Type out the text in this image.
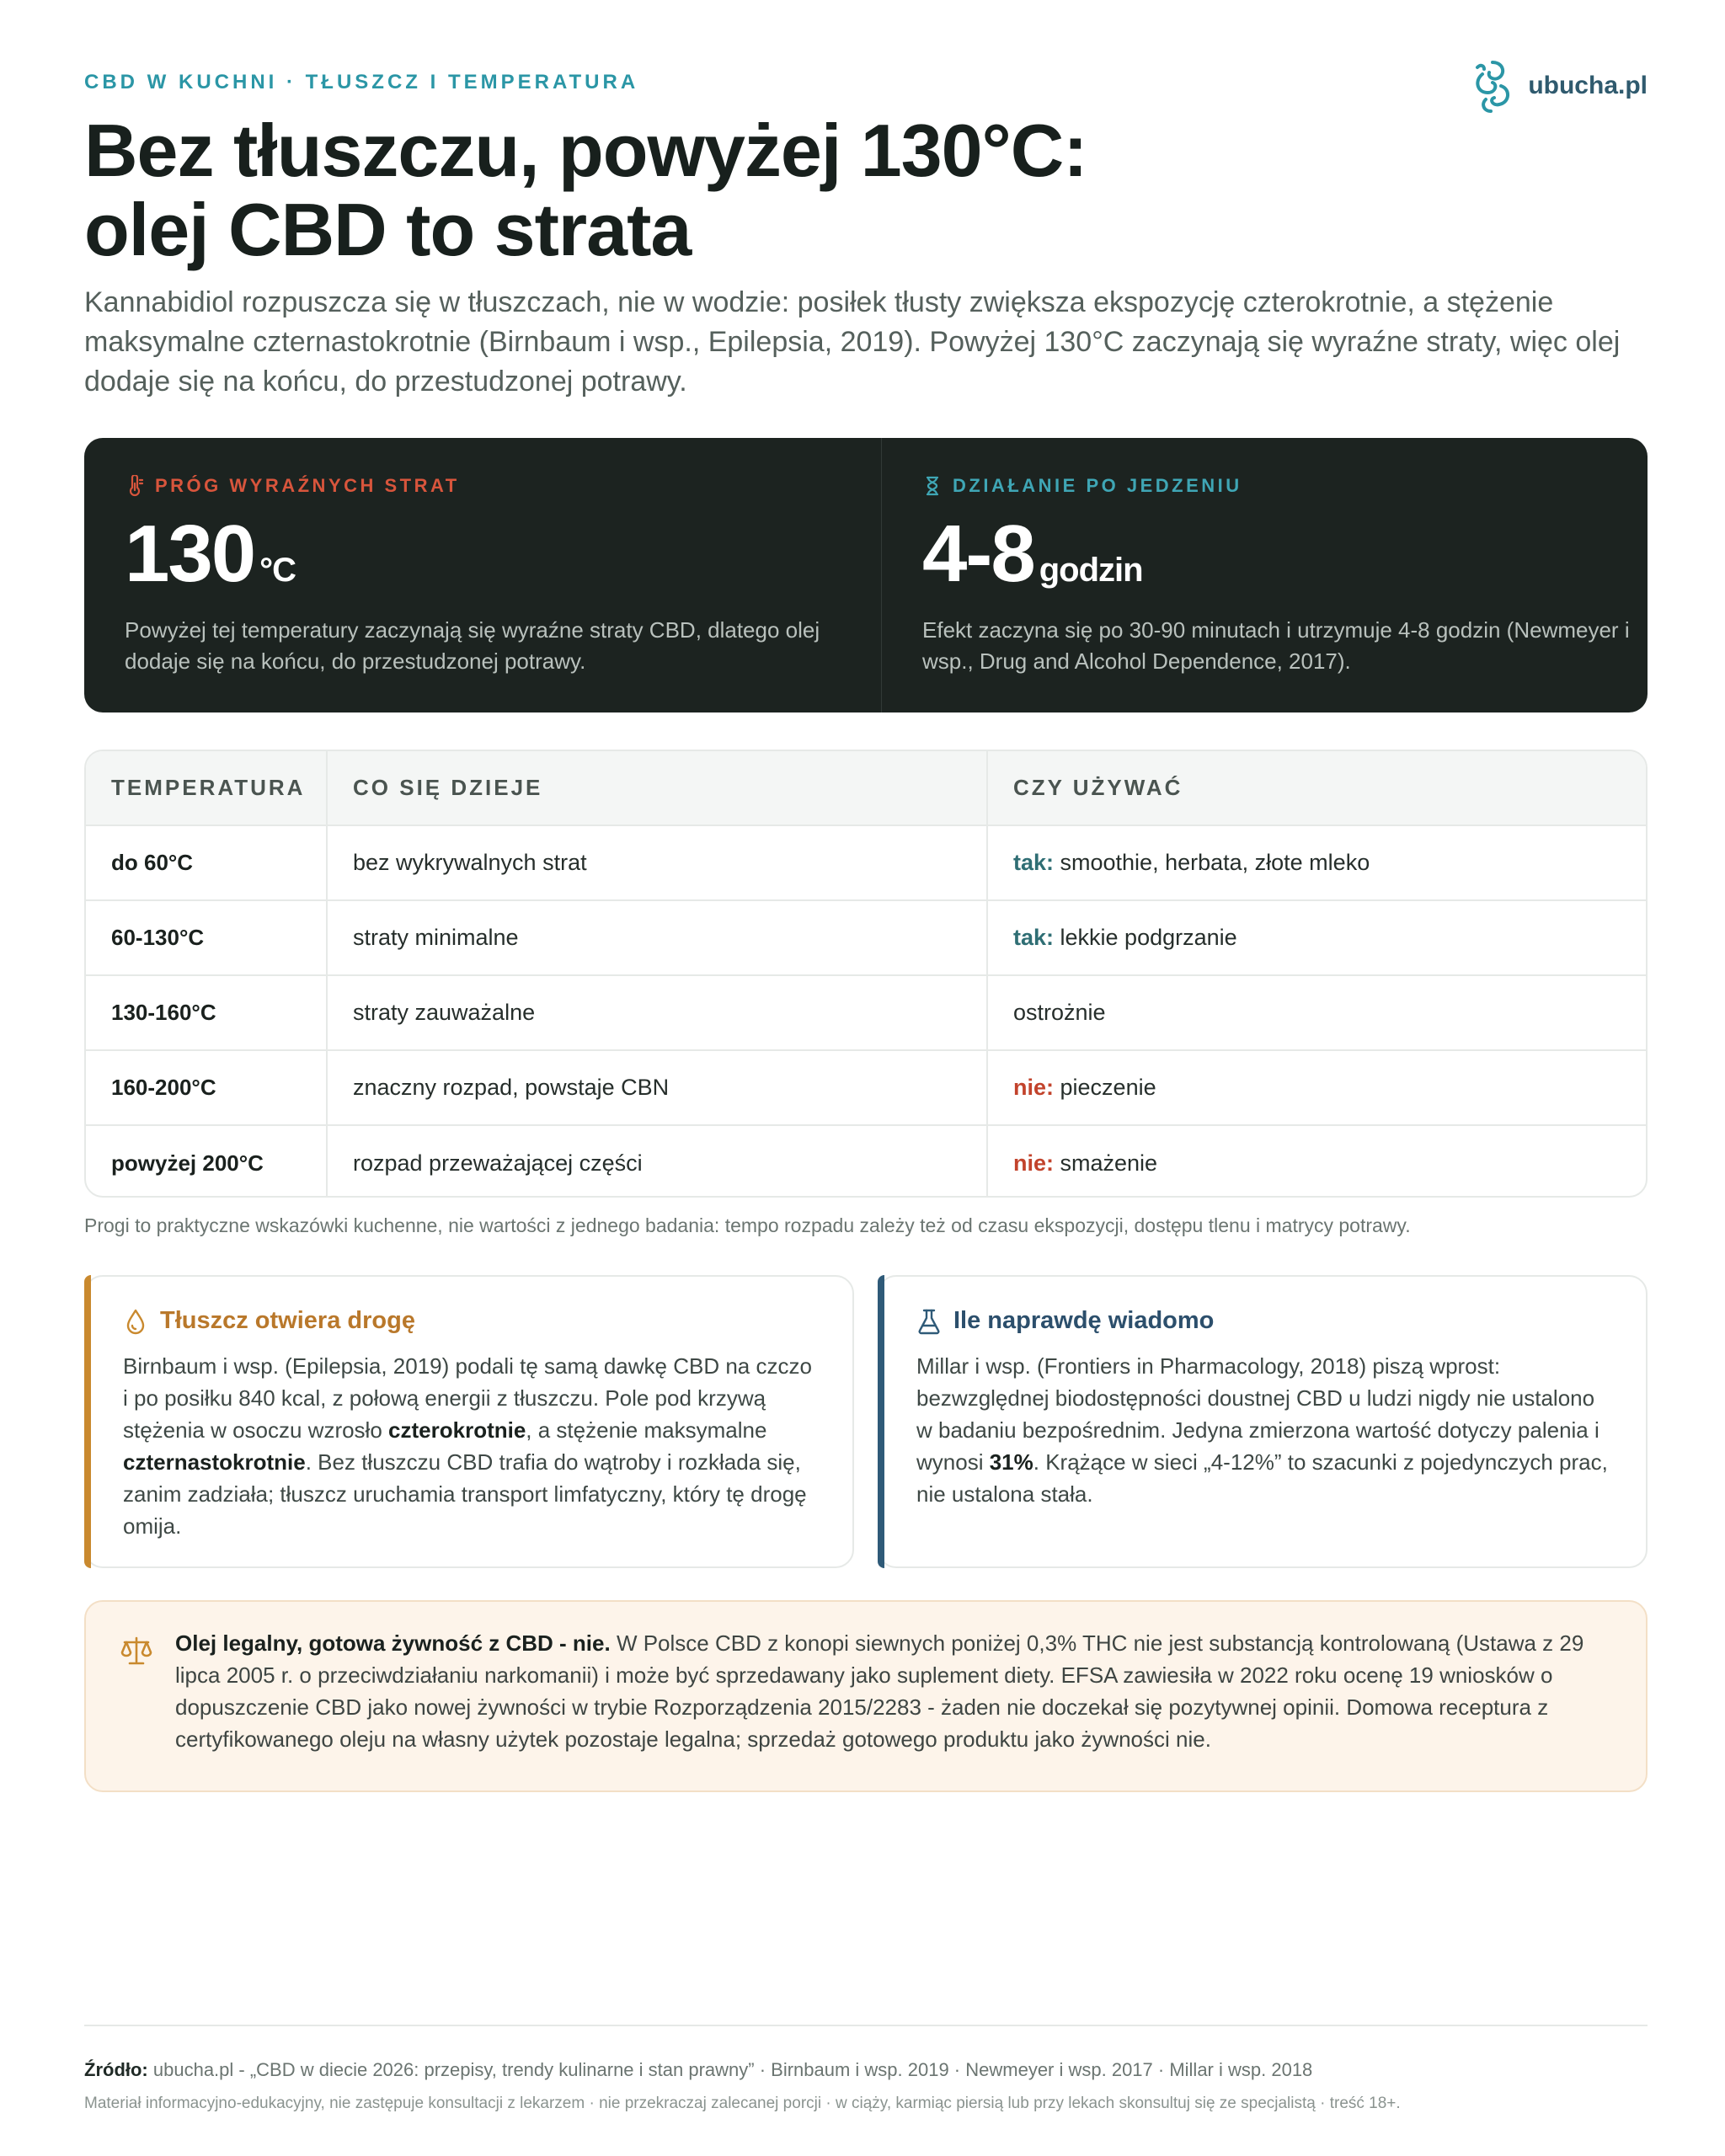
CBD W KUCHNI · TŁUSZCZ I TEMPERATURA	ubucha.pl
Bez tłuszczu, powyżej 130°C:
olej CBD to strata

Kannabidiol rozpuszcza się w tłuszczach, nie w wodzie: posiłek tłusty zwiększa ekspozycję czterokrotnie, a stężenie maksymalne czternastokrotnie (Birnbaum i wsp., Epilepsia, 2019). Powyżej 130°C zaczynają się wyraźne straty, więc olej dodaje się na końcu, do przestudzonej potrawy.

PRÓG WYRAŹNYCH STRAT
130 °C

Powyżej tej temperatury zaczynają się wyraźne straty CBD, dlatego olej dodaje się na końcu, do przestudzonej potrawy.

DZIAŁANIE PO JEDZENIU
4-8 godzin

Efekt zaczyna się po 30-90 minutach i utrzymuje 4-8 godzin (Newmeyer i wsp., Drug and Alcohol Dependence, 2017).

TEMPERATURA	CO SIĘ DZIEJE	CZY UŻYWAĆ
do 60°C	bez wykrywalnych strat	tak: smoothie, herbata, złote mleko
60-130°C	straty minimalne	tak: lekkie podgrzanie
130-160°C	straty zauważalne	ostrożnie
160-200°C	znaczny rozpad, powstaje CBN	nie: pieczenie
powyżej 200°C	rozpad przeważającej części	nie: smażenie

Progi to praktyczne wskazówki kuchenne, nie wartości z jednego badania: tempo rozpadu zależy też od czasu ekspozycji, dostępu tlenu i matrycy potrawy.

Tłuszcz otwiera drogę

Birnbaum i wsp. (Epilepsia, 2019) podali tę samą dawkę CBD na czczo i po posiłku 840 kcal, z połową energii z tłuszczu. Pole pod krzywą stężenia w osoczu wzrosło czterokrotnie, a stężenie maksymalne czternastokrotnie. Bez tłuszczu CBD trafia do wątroby i rozkłada się, zanim zadziała; tłuszcz uruchamia transport limfatyczny, który tę drogę omija.

Ile naprawdę wiadomo

Millar i wsp. (Frontiers in Pharmacology, 2018) piszą wprost: bezwzględnej biodostępności doustnej CBD u ludzi nigdy nie ustalono w badaniu bezpośrednim. Jedyna zmierzona wartość dotyczy palenia i wynosi 31%. Krążące w sieci „4-12%” to szacunki z pojedynczych prac, nie ustalona stała.

Olej legalny, gotowa żywność z CBD - nie. W Polsce CBD z konopi siewnych poniżej 0,3% THC nie jest substancją kontrolowaną (Ustawa z 29 lipca 2005 r. o przeciwdziałaniu narkomanii) i może być sprzedawany jako suplement diety. EFSA zawiesiła w 2022 roku ocenę 19 wniosków o dopuszczenie CBD jako nowej żywności w trybie Rozporządzenia 2015/2283 - żaden nie doczekał się pozytywnej opinii. Domowa receptura z certyfikowanego oleju na własny użytek pozostaje legalna; sprzedaż gotowego produktu jako żywności nie.

Źródło: ubucha.pl - „CBD w diecie 2026: przepisy, trendy kulinarne i stan prawny” · Birnbaum i wsp. 2019 · Newmeyer i wsp. 2017 · Millar i wsp. 2018

Materiał informacyjno-edukacyjny, nie zastępuje konsultacji z lekarzem · nie przekraczaj zalecanej porcji · w ciąży, karmiąc piersią lub przy lekach skonsultuj się ze specjalistą · treść 18+.
